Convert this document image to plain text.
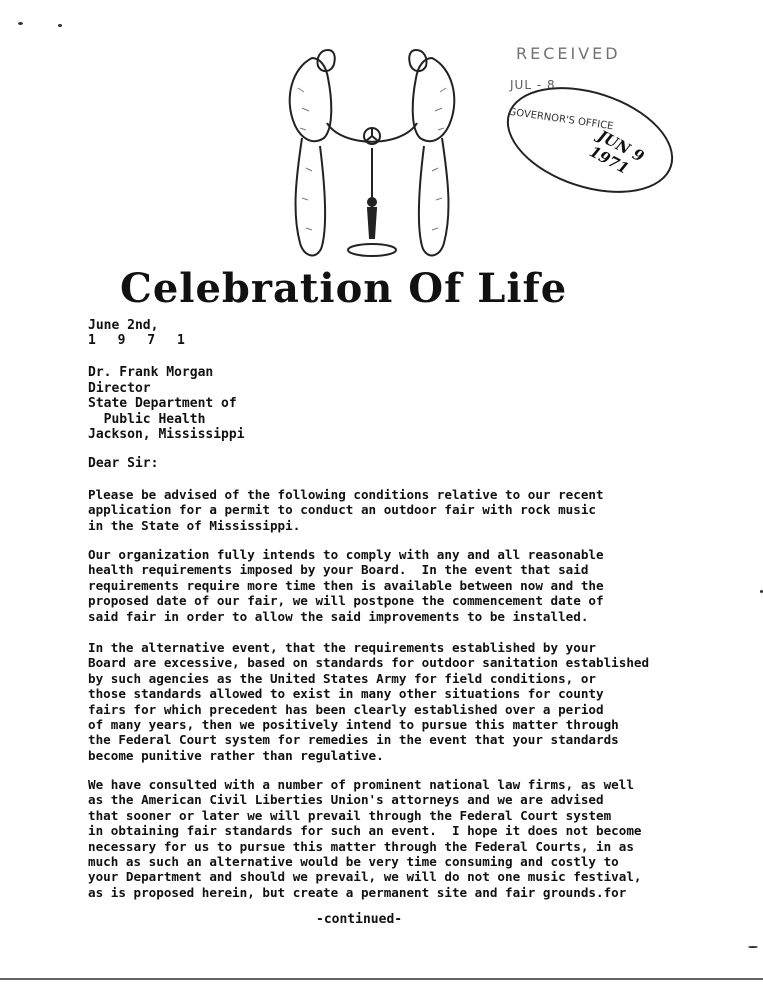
RECEIVED
JUL - 8
GOVERNOR'S OFFICE
JUN 9
1971
Celebration Of Life
June 2nd,
1 9 7 1
Dr. Frank Morgan
Director
State Department of
Public Health
Jackson, Mississippi
Dear Sir:
Please be advised of the following conditions relative to our recent
application for a permit to conduct an outdoor fair with rock music
in the State of Mississippi.
Our organization fully intends to comply with any and all reasonable
health requirements imposed by your Board.  In the event that said
requirements require more time then is available between now and the
proposed date of our fair, we will postpone the commencement date of
said fair in order to allow the said improvements to be installed.
In the alternative event, that the requirements established by your
Board are excessive, based on standards for outdoor sanitation established
by such agencies as the United States Army for field conditions, or
those standards allowed to exist in many other situations for county
fairs for which precedent has been clearly established over a period
of many years, then we positively intend to pursue this matter through
the Federal Court system for remedies in the event that your standards
become punitive rather than regulative.
We have consulted with a number of prominent national law firms, as well
as the American Civil Liberties Union's attorneys and we are advised
that sooner or later we will prevail through the Federal Court system
in obtaining fair standards for such an event.  I hope it does not become
necessary for us to pursue this matter through the Federal Courts, in as
much as such an alternative would be very time consuming and costly to
your Department and should we prevail, we will do not one music festival,
as is proposed herein, but create a permanent site and fair grounds.for
-continued-
